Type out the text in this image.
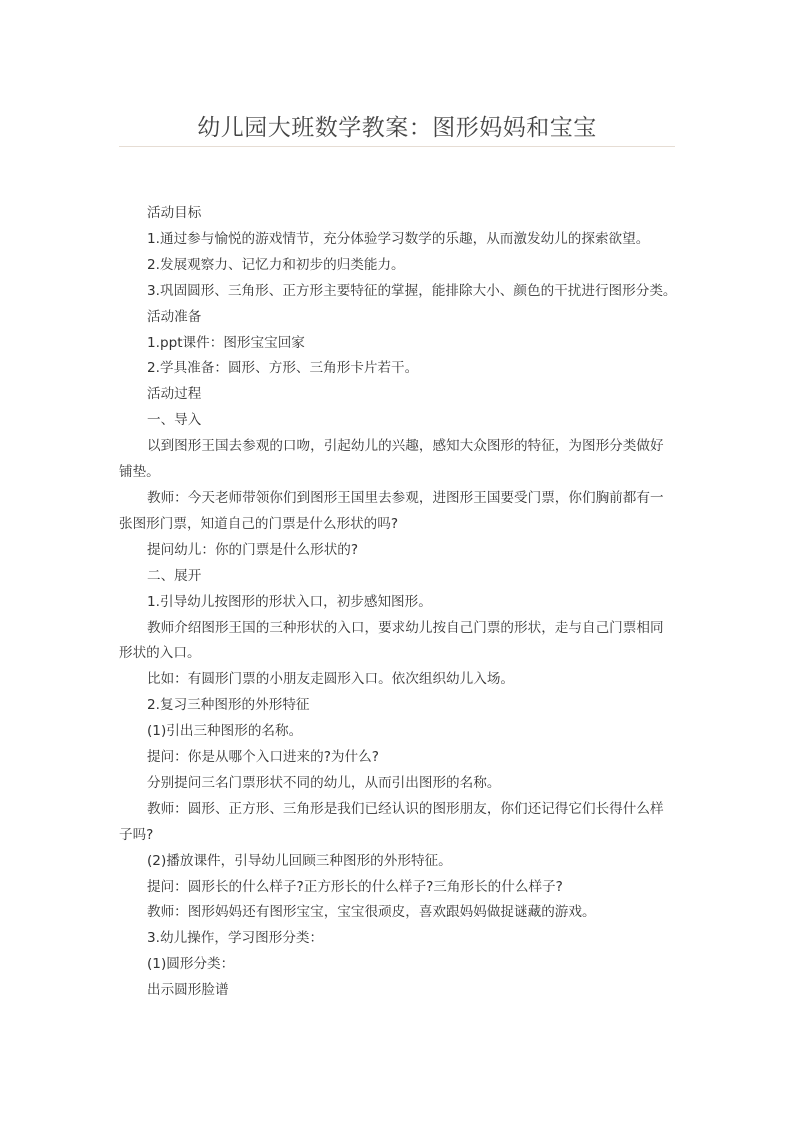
幼儿园大班数学教案：图形妈妈和宝宝

活动目标

1.通过参与愉悦的游戏情节，充分体验学习数学的乐趣，从而激发幼儿的探索欲望。

2.发展观察力、记忆力和初步的归类能力。

3.巩固圆形、三角形、正方形主要特征的掌握，能排除大小、颜色的干扰进行图形分类。

活动准备

1.ppt课件：图形宝宝回家

2.学具准备：圆形、方形、三角形卡片若干。

活动过程

一、导入

以到图形王国去参观的口吻，引起幼儿的兴趣，感知大众图形的特征，为图形分类做好铺垫。

教师：今天老师带领你们到图形王国里去参观，进图形王国要受门票，你们胸前都有一张图形门票，知道自己的门票是什么形状的吗?

提问幼儿：你的门票是什么形状的?

二、展开

1.引导幼儿按图形的形状入口，初步感知图形。

教师介绍图形王国的三种形状的入口，要求幼儿按自己门票的形状，走与自己门票相同形状的入口。

比如：有圆形门票的小朋友走圆形入口。依次组织幼儿入场。

2.复习三种图形的外形特征

(1)引出三种图形的名称。

提问：你是从哪个入口进来的?为什么?

分别提问三名门票形状不同的幼儿，从而引出图形的名称。

教师：圆形、正方形、三角形是我们已经认识的图形朋友，你们还记得它们长得什么样子吗?

(2)播放课件，引导幼儿回顾三种图形的外形特征。

提问：圆形长的什么样子?正方形长的什么样子?三角形长的什么样子?

教师：图形妈妈还有图形宝宝，宝宝很顽皮，喜欢跟妈妈做捉谜藏的游戏。

3.幼儿操作，学习图形分类：

(1)圆形分类：

出示圆形脸谱
